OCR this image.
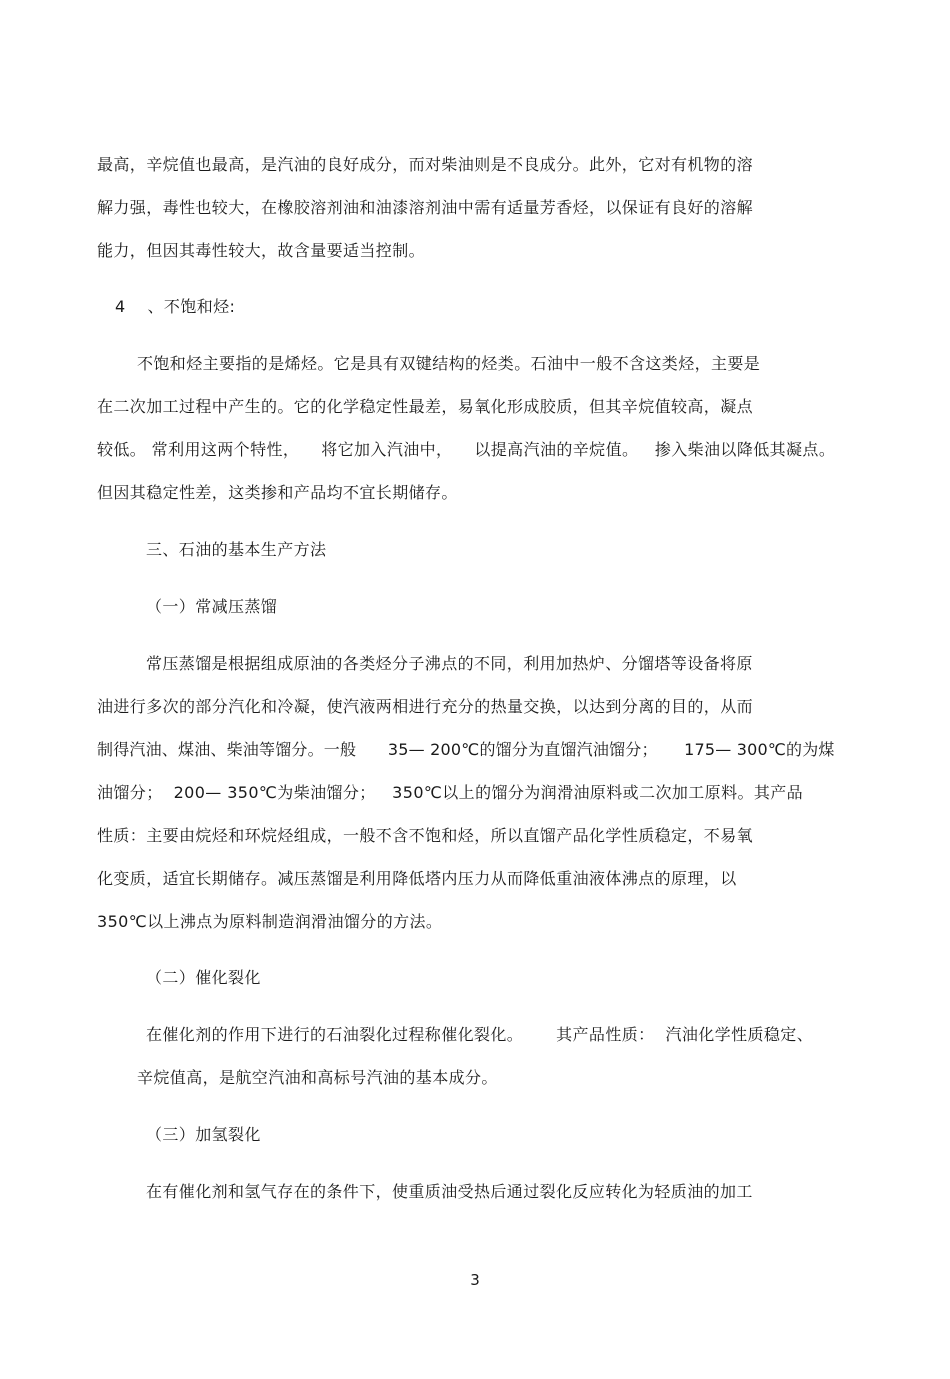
最高，辛烷值也最高，是汽油的良好成分，而对柴油则是不良成分。此外，它对有机物的溶
解力强，毒性也较大，在橡胶溶剂油和油漆溶剂油中需有适量芳香烃，以保证有良好的溶解
能力，但因其毒性较大，故含量要适当控制。
4    、不饱和烃:
不饱和烃主要指的是烯烃。它是具有双键结构的烃类。石油中一般不含这类烃，主要是
在二次加工过程中产生的。它的化学稳定性最差，易氧化形成胶质，但其辛烷值较高，凝点
较低。 常利用这两个特性，    将它加入汽油中，    以提高汽油的辛烷值。   掺入柴油以降低其凝点。
但因其稳定性差，这类掺和产品均不宜长期储存。
三、石油的基本生产方法
（一）常减压蒸馏
常压蒸馏是根据组成原油的各类烃分子沸点的不同，利用加热炉、分馏塔等设备将原
油进行多次的部分汽化和冷凝，使汽液两相进行充分的热量交换，以达到分离的目的，从而
制得汽油、煤油、柴油等馏分。一般      35— 200℃的馏分为直馏汽油馏分；     175— 300℃的为煤
油馏分；  200— 350℃为柴油馏分；   350℃以上的馏分为润滑油原料或二次加工原料。其产品
性质：主要由烷烃和环烷烃组成，一般不含不饱和烃，所以直馏产品化学性质稳定，不易氧
化变质，适宜长期储存。减压蒸馏是利用降低塔内压力从而降低重油液体沸点的原理，以
350℃以上沸点为原料制造润滑油馏分的方法。
（二）催化裂化
在催化剂的作用下进行的石油裂化过程称催化裂化。      其产品性质：  汽油化学性质稳定、
辛烷值高，是航空汽油和高标号汽油的基本成分。
（三）加氢裂化
在有催化剂和氢气存在的条件下，使重质油受热后通过裂化反应转化为轻质油的加工
3
